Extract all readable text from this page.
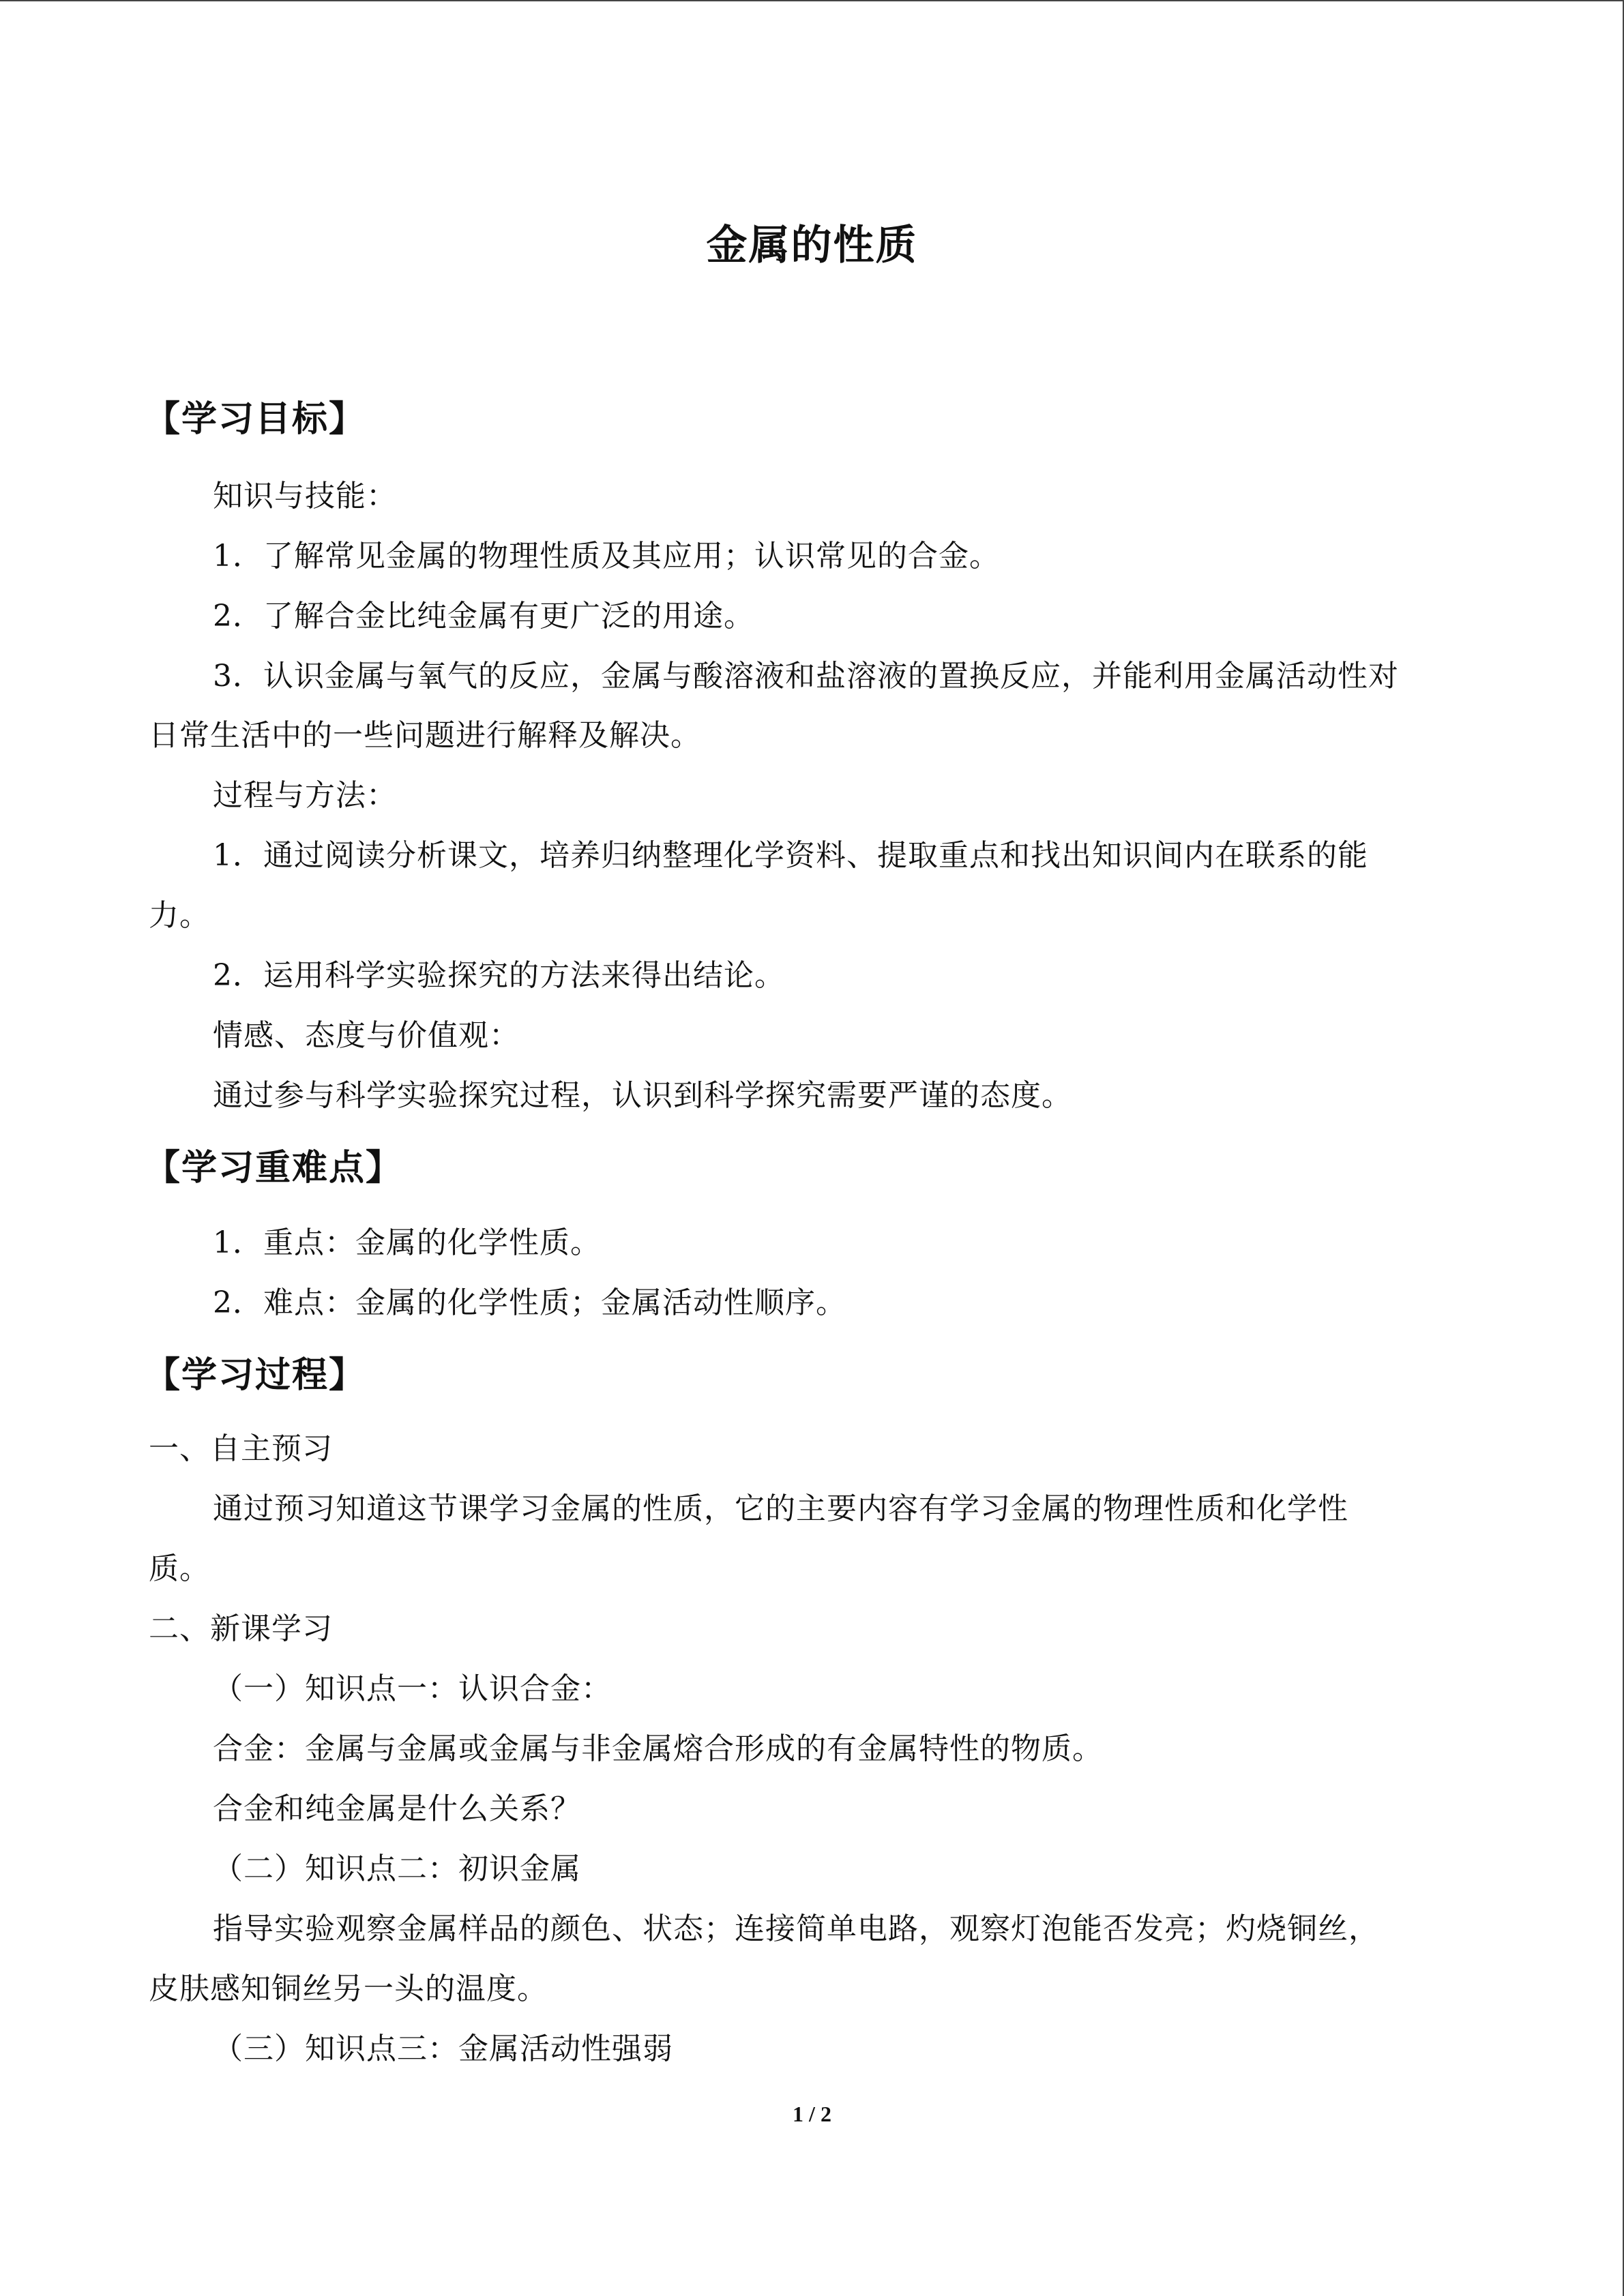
金属的性质
【学习目标】
知识与技能：
1．了解常见金属的物理性质及其应用；认识常见的合金。
2．了解合金比纯金属有更广泛的用途。
3．认识金属与氧气的反应，金属与酸溶液和盐溶液的置换反应，并能利用金属活动性对
日常生活中的一些问题进行解释及解决。
过程与方法：
1．通过阅读分析课文，培养归纳整理化学资料、提取重点和找出知识间内在联系的能
力。
2．运用科学实验探究的方法来得出结论。
情感、态度与价值观：
通过参与科学实验探究过程，认识到科学探究需要严谨的态度。
【学习重难点】
1．重点：金属的化学性质。
2．难点：金属的化学性质；金属活动性顺序。
【学习过程】
一、自主预习
通过预习知道这节课学习金属的性质，它的主要内容有学习金属的物理性质和化学性
质。
二、新课学习
（一）知识点一：认识合金：
合金：金属与金属或金属与非金属熔合形成的有金属特性的物质。
合金和纯金属是什么关系？
（二）知识点二：初识金属
指导实验观察金属样品的颜色、状态；连接简单电路，观察灯泡能否发亮；灼烧铜丝，
皮肤感知铜丝另一头的温度。
（三）知识点三：金属活动性强弱
1 / 2
